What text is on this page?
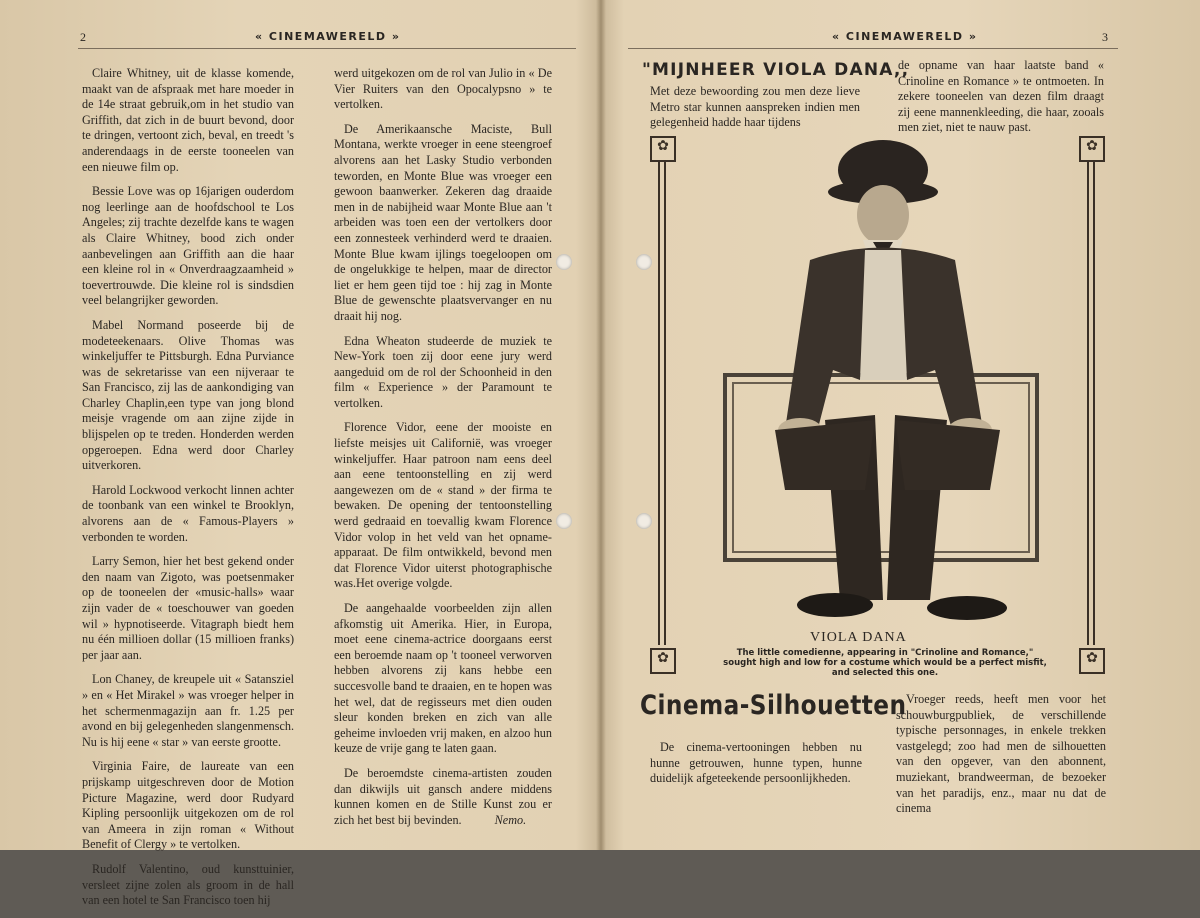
2	« CINEMAWERELD »

Claire Whitney, uit de klasse komende, maakt van de afspraak met hare moeder in de 14e straat gebruik,om in het studio van Griffith, dat zich in de buurt bevond, door te dringen, vertoont zich, beval, en treedt 's anderendaags in de eerste tooneelen van een nieuwe film op.

Bessie Love was op 16jarigen ouderdom nog leerlinge aan de hoofdschool te Los Angeles; zij trachte dezelfde kans te wagen als Claire Whitney, bood zich onder aanbevelingen aan Griffith aan die haar een kleine rol in « Onverdraagzaamheid » toevertrouwde. Die kleine rol is sindsdien veel belangrijker geworden.

Mabel Normand poseerde bij de modeteekenaars. Olive Thomas was winkeljuffer te Pittsburgh. Edna Purviance was de sekretarisse van een nijveraar te San Francisco, zij las de aankondiging van Charley Chaplin,een type van jong blond meisje vragende om aan zijne zijde in blijspelen op te treden. Honderden werden opgeroepen. Edna werd door Charley uitverkoren.

Harold Lockwood verkocht linnen achter de toonbank van een winkel te Brooklyn, alvorens aan de « Famous-Players » verbonden te worden.

Larry Semon, hier het best gekend onder den naam van Zigoto, was poetsenmaker op de tooneelen der «music-halls» waar zijn vader de « toeschouwer van goeden wil » hypnotiseerde. Vitagraph biedt hem nu één millioen dollar (15 millioen franks) per jaar aan.

Lon Chaney, de kreupele uit « Satansziel » en « Het Mirakel » was vroeger helper in het schermenmagazijn aan fr. 1.25 per avond en bij gelegenheden slangenmensch. Nu is hij eene « star » van eerste grootte.

Virginia Faire, de laureate van een prijskamp uitgeschreven door de Motion Picture Magazine, werd door Rudyard Kipling persoonlijk uitgekozen om de rol van Ameera in zijn roman « Without Benefit of Clergy » te vertolken.

Rudolf Valentino, oud kunsttuinier, versleet zijne zolen als groom in de hall van een hotel te San Francisco toen hij

werd uitgekozen om de rol van Julio in « De Vier Ruiters van den Opocalypsno » te vertolken.

De Amerikaansche Maciste, Bull Montana, werkte vroeger in eene steengroef alvorens aan het Lasky Studio verbonden teworden, en Monte Blue was vroeger een gewoon baanwerker. Zekeren dag draaide men in de nabijheid waar Monte Blue aan 't arbeiden was toen een der vertolkers door een zonnesteek verhinderd werd te draaien. Monte Blue kwam ijlings toegeloopen om de ongelukkige te helpen, maar de director liet er hem geen tijd toe : hij zag in Monte Blue de gewenschte plaatsvervanger en nu draait hij nog.

Edna Wheaton studeerde de muziek te New-York toen zij door eene jury werd aangeduid om de rol der Schoonheid in den film « Experience » der Paramount te vertolken.

Florence Vidor, eene der mooiste en liefste meisjes uit Californië, was vroeger winkeljuffer. Haar patroon nam eens deel aan eene tentoonstelling en zij werd aangewezen om de « stand » der firma te bewaken. De opening der tentoonstelling werd gedraaid en toevallig kwam Florence Vidor volop in het veld van het opname-apparaat. De film ontwikkeld, bevond men dat Florence Vidor uiterst photographische was.Het overige volgde.

De aangehaalde voorbeelden zijn allen afkomstig uit Amerika. Hier, in Europa, moet eene cinema-actrice doorgaans eerst een beroemde naam op 't tooneel verworven hebben alvorens zij kans hebbe een succesvolle band te draaien, en te hopen was het wel, dat de regisseurs met dien ouden sleur konden breken en zich van alle geheime invloeden vrij maken, en alzoo hun keuze de vrije gang te laten gaan.

De beroemdste cinema-artisten zouden dan dikwijls uit gansch andere middens kunnen komen en de Stille Kunst zou er zich het best bij bevinden.	Nemo.

« CINEMAWERELD »	3
"MIJNHEER VIOLA DANA,,
Met deze bewoording zou men deze lieve Metro star kunnen aanspreken indien men gelegenheid hadde haar tijdens
de opname van haar laatste band « Crinoline en Romance » te ontmoeten. In zekere tooneelen van dezen film draagt zij eene mannenkleeding, die haar, zooals men ziet, niet te nauw past.
✿
✿
✿
✿
VIOLA DANA
The little comedienne, appearing in "Crinoline and Romance," sought high and low for a costume which would be a perfect misfit, and selected this one.
Cinema-Silhouetten
De cinema-vertooningen hebben nu hunne getrouwen, hunne typen, hunne duidelijk afgeteekende persoonlijkheden.
Vroeger reeds, heeft men voor het schouwburgpubliek, de verschillende typische personnages, in enkele trekken vastgelegd; zoo had men de silhouetten van den opgever, van den abonnent, muziekant, brandweerman, de bezoeker van het paradijs, enz., maar nu dat de cinema
